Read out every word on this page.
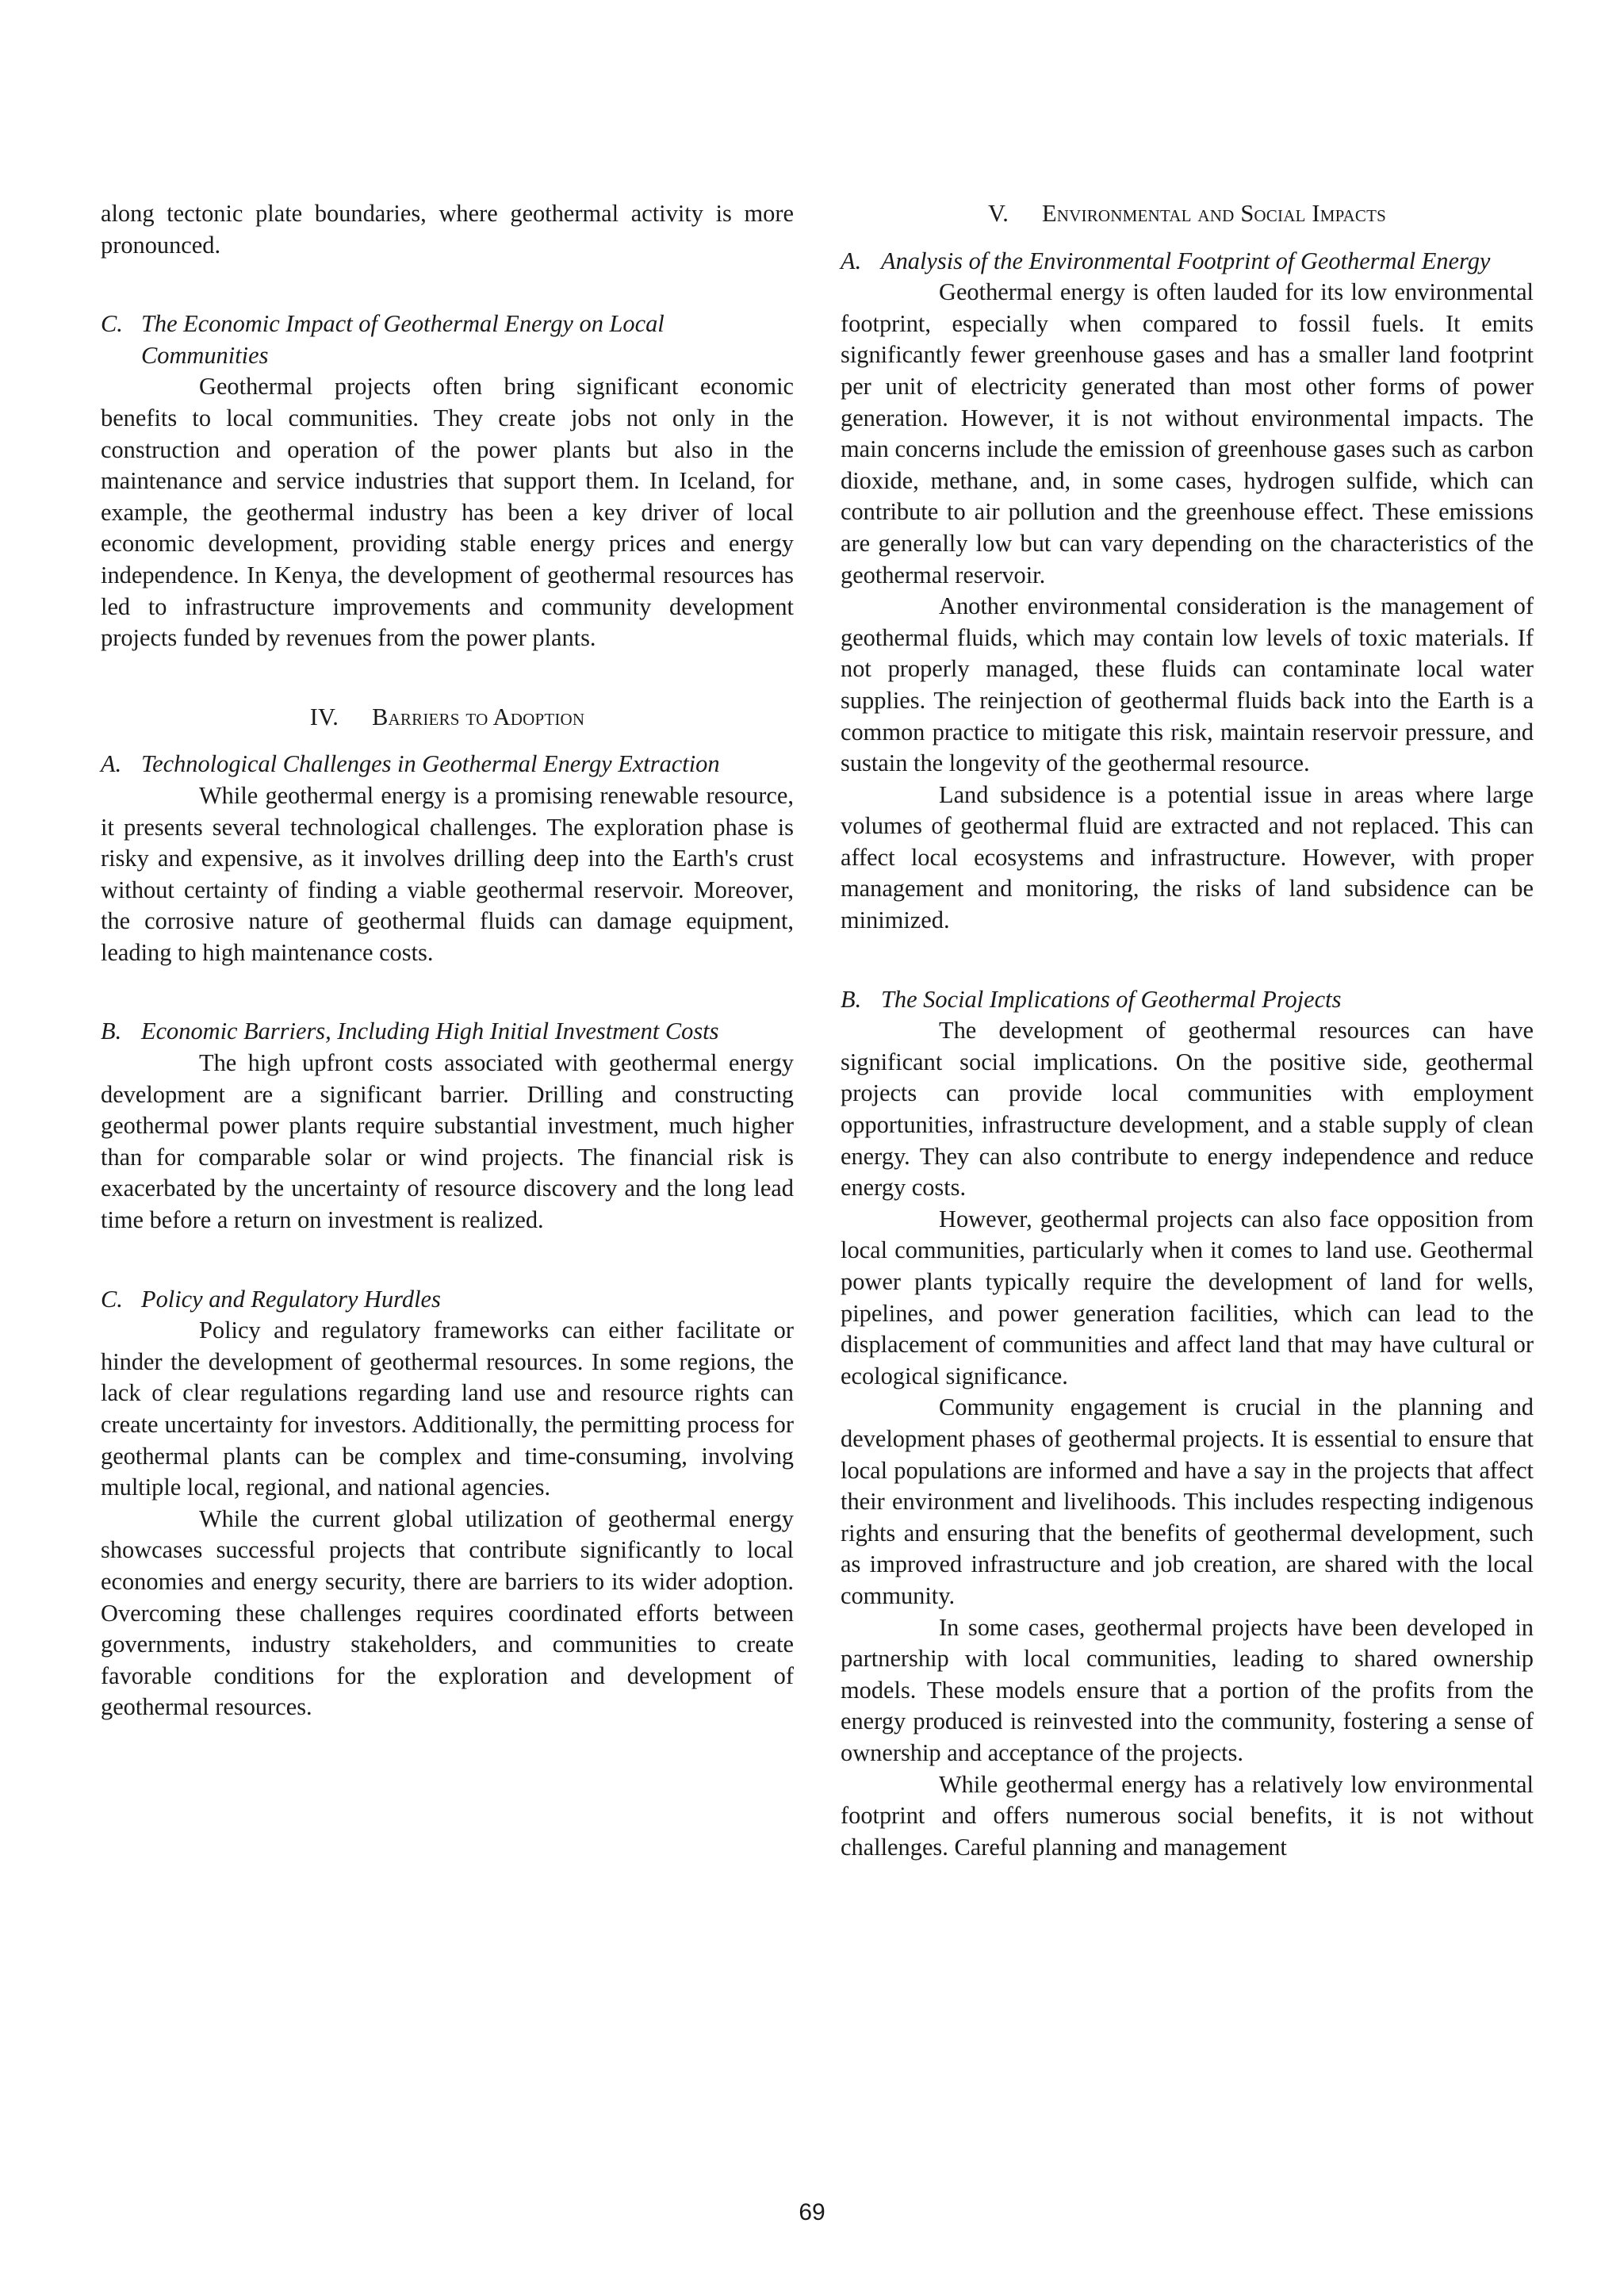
along tectonic plate boundaries, where geothermal activity is more pronounced.

C. The Economic Impact of Geothermal Energy on Local Communities

Geothermal projects often bring significant economic benefits to local communities. They create jobs not only in the construction and operation of the power plants but also in the maintenance and service industries that support them. In Iceland, for example, the geothermal industry has been a key driver of local economic development, providing stable energy prices and energy independence. In Kenya, the development of geothermal resources has led to infrastructure improvements and community development projects funded by revenues from the power plants.

IV. Barriers to Adoption
A. Technological Challenges in Geothermal Energy Extraction

While geothermal energy is a promising renewable resource, it presents several technological challenges. The exploration phase is risky and expensive, as it involves drilling deep into the Earth's crust without certainty of finding a viable geothermal reservoir. Moreover, the corrosive nature of geothermal fluids can damage equipment, leading to high maintenance costs.

B. Economic Barriers, Including High Initial Investment Costs

The high upfront costs associated with geothermal energy development are a significant barrier. Drilling and constructing geothermal power plants require substantial investment, much higher than for comparable solar or wind projects. The financial risk is exacerbated by the uncertainty of resource discovery and the long lead time before a return on investment is realized.

C. Policy and Regulatory Hurdles

Policy and regulatory frameworks can either facilitate or hinder the development of geothermal resources. In some regions, the lack of clear regulations regarding land use and resource rights can create uncertainty for investors. Additionally, the permitting process for geothermal plants can be complex and time-consuming, involving multiple local, regional, and national agencies.

While the current global utilization of geothermal energy showcases successful projects that contribute significantly to local economies and energy security, there are barriers to its wider adoption. Overcoming these challenges requires coordinated efforts between governments, industry stakeholders, and communities to create favorable conditions for the exploration and development of geothermal resources.

V. Environmental and Social Impacts
A. Analysis of the Environmental Footprint of Geothermal Energy

Geothermal energy is often lauded for its low environmental footprint, especially when compared to fossil fuels. It emits significantly fewer greenhouse gases and has a smaller land footprint per unit of electricity generated than most other forms of power generation. However, it is not without environmental impacts. The main concerns include the emission of greenhouse gases such as carbon dioxide, methane, and, in some cases, hydrogen sulfide, which can contribute to air pollution and the greenhouse effect. These emissions are generally low but can vary depending on the characteristics of the geothermal reservoir.

Another environmental consideration is the management of geothermal fluids, which may contain low levels of toxic materials. If not properly managed, these fluids can contaminate local water supplies. The reinjection of geothermal fluids back into the Earth is a common practice to mitigate this risk, maintain reservoir pressure, and sustain the longevity of the geothermal resource.

Land subsidence is a potential issue in areas where large volumes of geothermal fluid are extracted and not replaced. This can affect local ecosystems and infrastructure. However, with proper management and monitoring, the risks of land subsidence can be minimized.

B. The Social Implications of Geothermal Projects

The development of geothermal resources can have significant social implications. On the positive side, geothermal projects can provide local communities with employment opportunities, infrastructure development, and a stable supply of clean energy. They can also contribute to energy independence and reduce energy costs.

However, geothermal projects can also face opposition from local communities, particularly when it comes to land use. Geothermal power plants typically require the development of land for wells, pipelines, and power generation facilities, which can lead to the displacement of communities and affect land that may have cultural or ecological significance.

Community engagement is crucial in the planning and development phases of geothermal projects. It is essential to ensure that local populations are informed and have a say in the projects that affect their environment and livelihoods. This includes respecting indigenous rights and ensuring that the benefits of geothermal development, such as improved infrastructure and job creation, are shared with the local community.

In some cases, geothermal projects have been developed in partnership with local communities, leading to shared ownership models. These models ensure that a portion of the profits from the energy produced is reinvested into the community, fostering a sense of ownership and acceptance of the projects.

While geothermal energy has a relatively low environmental footprint and offers numerous social benefits, it is not without challenges. Careful planning and management

69
